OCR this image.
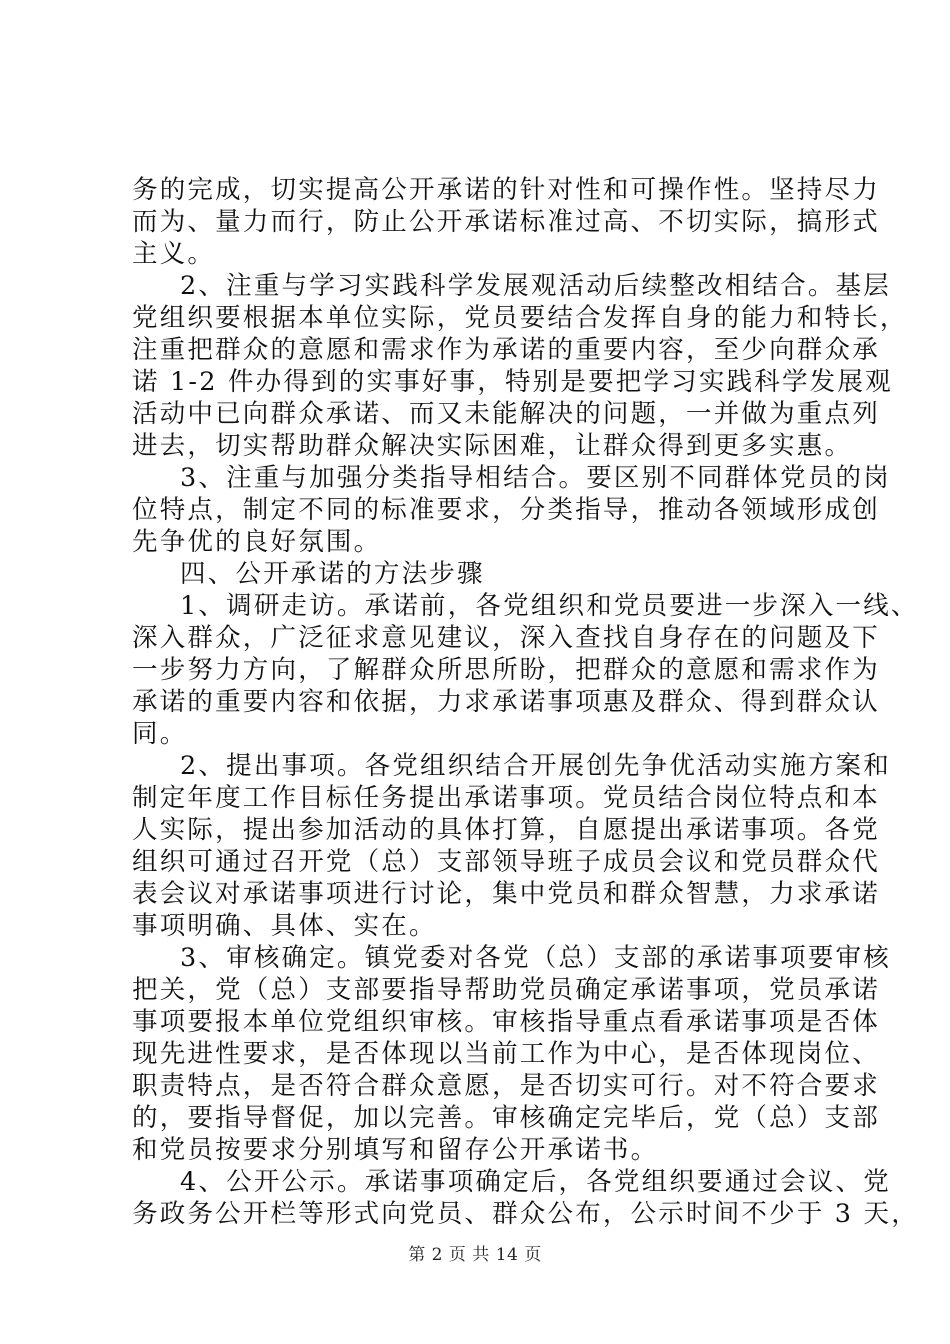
务的完成，切实提高公开承诺的针对性和可操作性。坚持尽力
而为、量力而行，防止公开承诺标准过高、不切实际，搞形式
主义。
2、注重与学习实践科学发展观活动后续整改相结合。基层
党组织要根据本单位实际，党员要结合发挥自身的能力和特长，
注重把群众的意愿和需求作为承诺的重要内容，至少向群众承
诺 1-2 件办得到的实事好事，特别是要把学习实践科学发展观
活动中已向群众承诺、而又未能解决的问题，一并做为重点列
进去，切实帮助群众解决实际困难，让群众得到更多实惠。
3、注重与加强分类指导相结合。要区别不同群体党员的岗
位特点，制定不同的标准要求，分类指导，推动各领域形成创
先争优的良好氛围。
四、公开承诺的方法步骤
1、调研走访。承诺前，各党组织和党员要进一步深入一线、
深入群众，广泛征求意见建议，深入查找自身存在的问题及下
一步努力方向，了解群众所思所盼，把群众的意愿和需求作为
承诺的重要内容和依据，力求承诺事项惠及群众、得到群众认
同。
2、提出事项。各党组织结合开展创先争优活动实施方案和
制定年度工作目标任务提出承诺事项。党员结合岗位特点和本
人实际，提出参加活动的具体打算，自愿提出承诺事项。各党
组织可通过召开党（总）支部领导班子成员会议和党员群众代
表会议对承诺事项进行讨论，集中党员和群众智慧，力求承诺
事项明确、具体、实在。
3、审核确定。镇党委对各党（总）支部的承诺事项要审核
把关，党（总）支部要指导帮助党员确定承诺事项，党员承诺
事项要报本单位党组织审核。审核指导重点看承诺事项是否体
现先进性要求，是否体现以当前工作为中心，是否体现岗位、
职责特点，是否符合群众意愿，是否切实可行。对不符合要求
的，要指导督促，加以完善。审核确定完毕后，党（总）支部
和党员按要求分别填写和留存公开承诺书。
4、公开公示。承诺事项确定后，各党组织要通过会议、党
务政务公开栏等形式向党员、群众公布，公示时间不少于 3 天，
第 2 页 共 14 页
